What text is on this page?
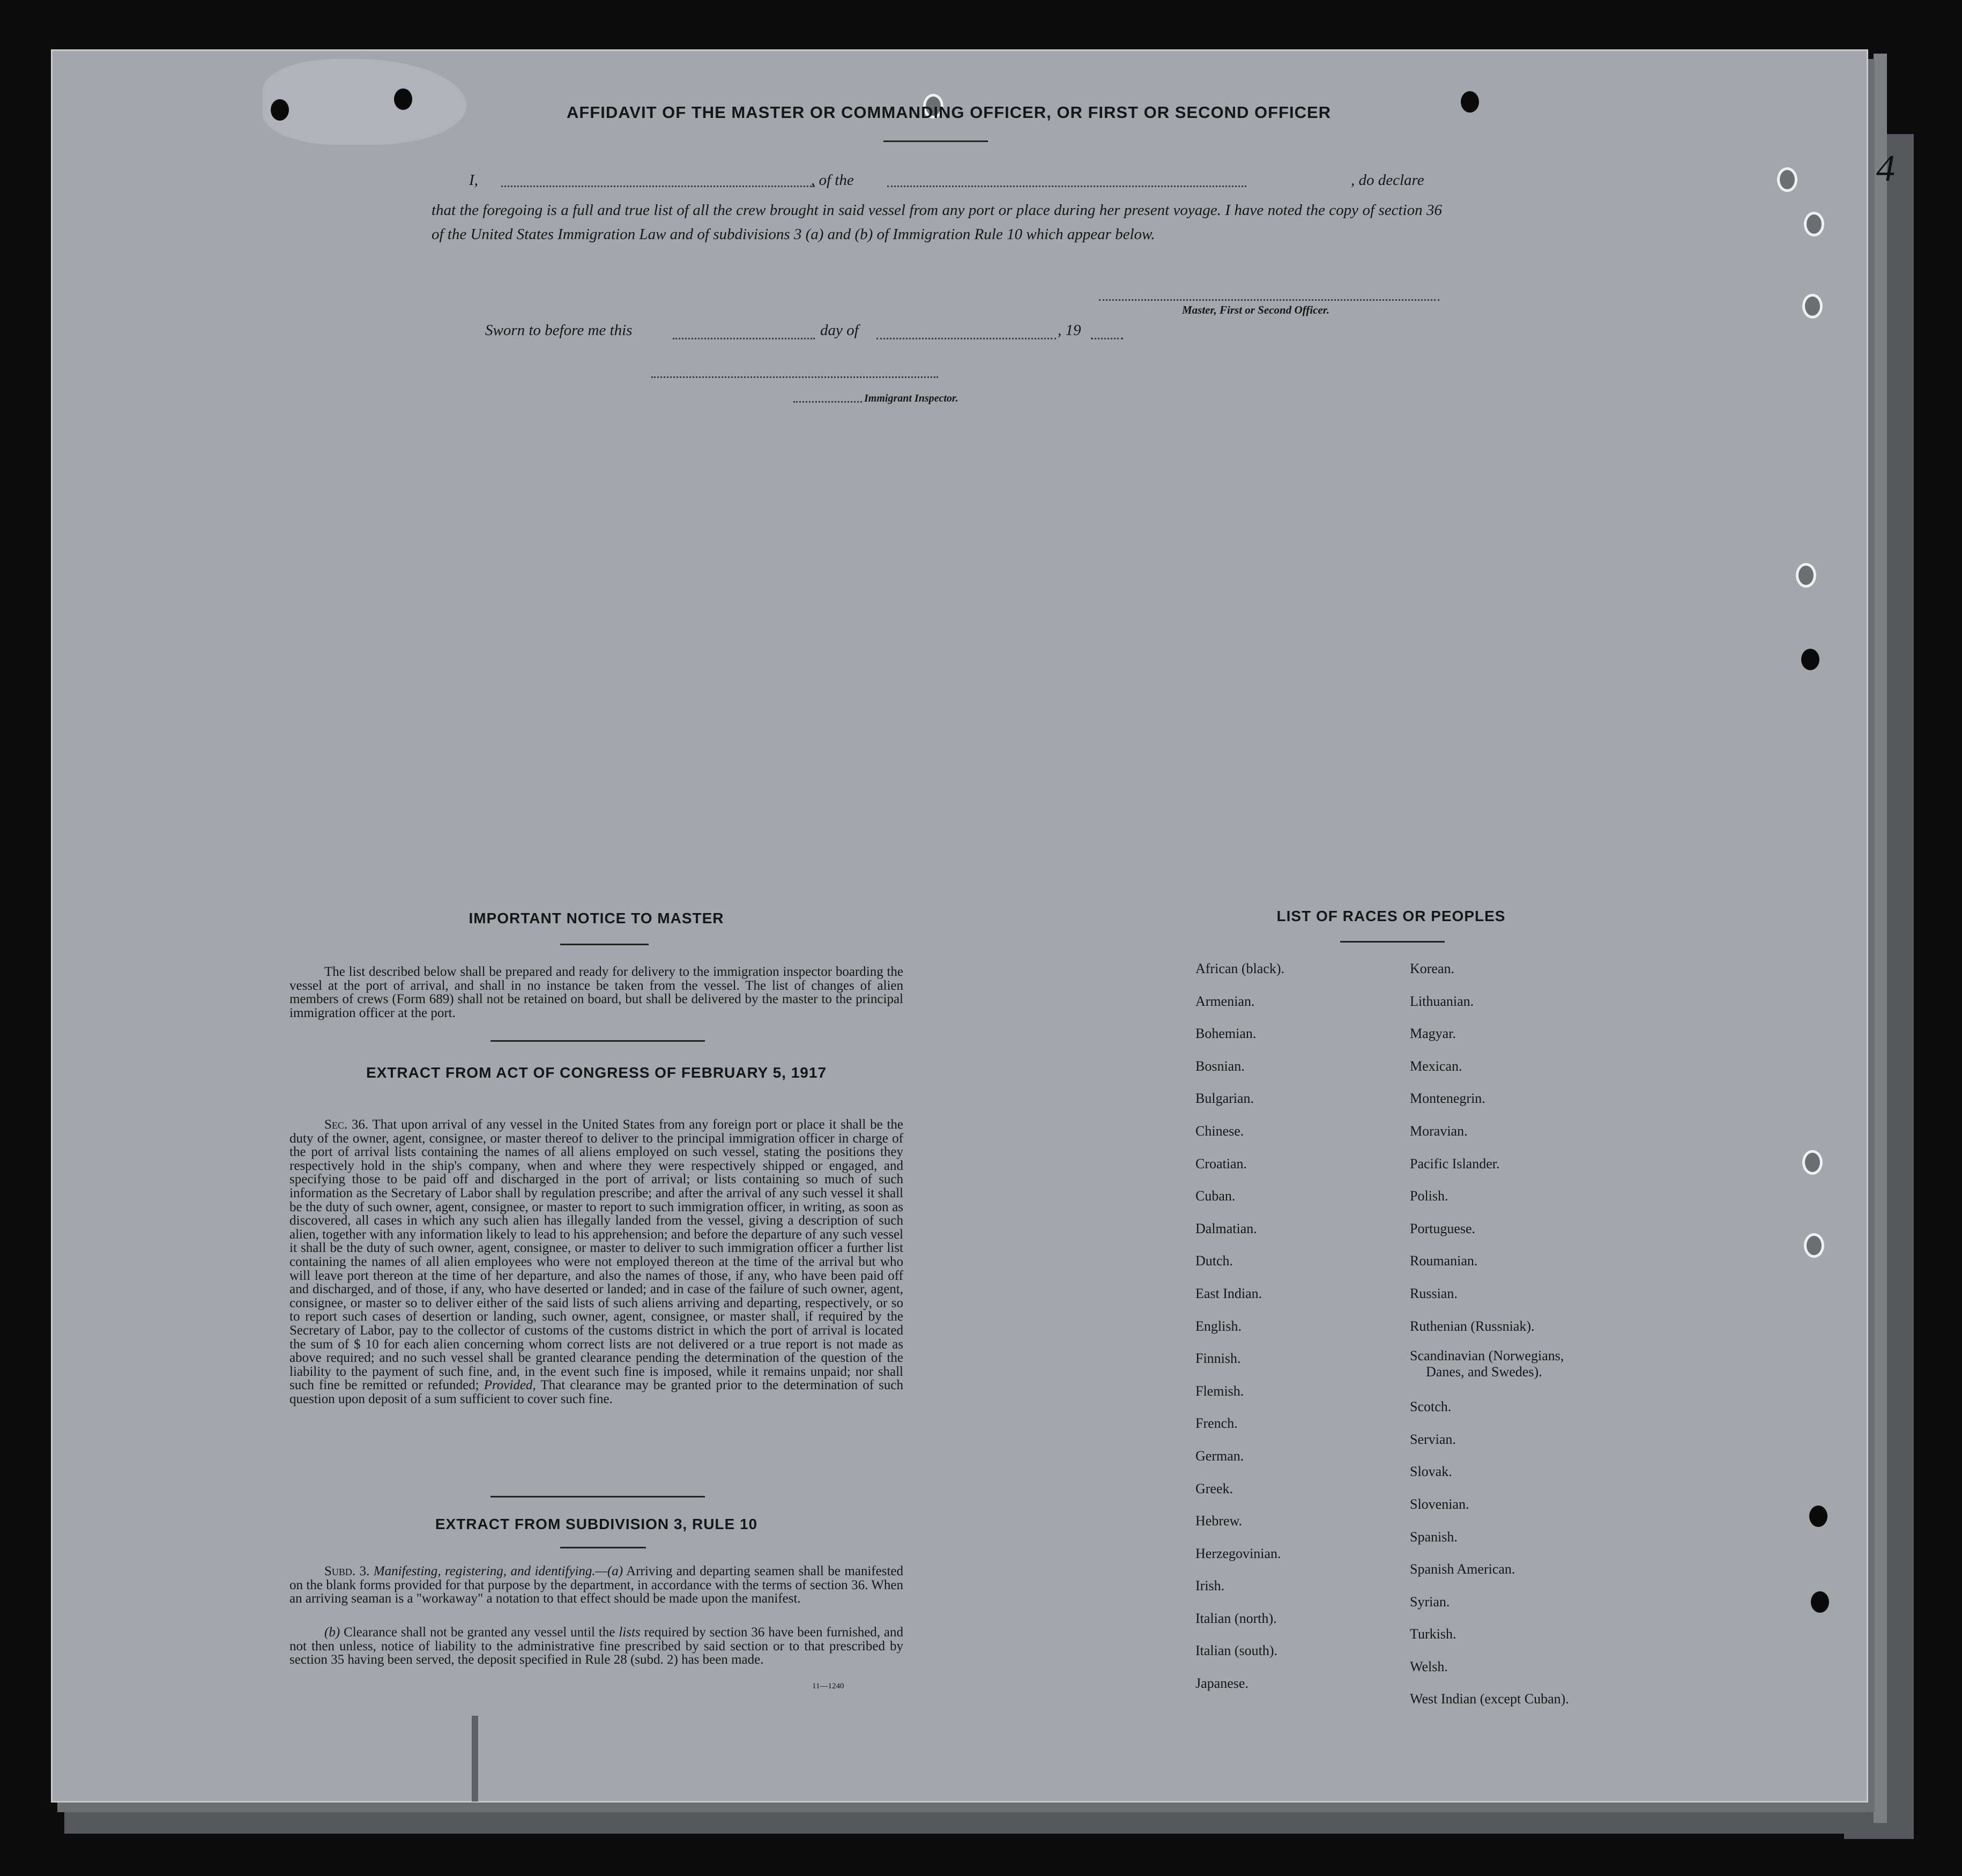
4
AFFIDAVIT OF THE MASTER OR COMMANDING OFFICER, OR FIRST OR SECOND OFFICER
I,	, of the	, do declare
that the foregoing is a full and true list of all the crew brought in said vessel from any port or place during her present voyage. I have noted the copy of section 36 of the United States Immigration Law and of subdivisions 3 (a) and (b) of Immigration Rule 10 which appear below.
Master, First or Second Officer.
Sworn to before me this	day of	, 19
Immigrant Inspector.
IMPORTANT NOTICE TO MASTER
The list described below shall be prepared and ready for delivery to the immigration inspector boarding the vessel at the port of arrival, and shall in no instance be taken from the vessel. The list of changes of alien members of crews (Form 689) shall not be retained on board, but shall be delivered by the master to the principal immigration officer at the port.
EXTRACT FROM ACT OF CONGRESS OF FEBRUARY 5, 1917
Sec. 36. That upon arrival of any vessel in the United States from any foreign port or place it shall be the duty of the owner, agent, consignee, or master thereof to deliver to the principal immigration officer in charge of the port of arrival lists containing the names of all aliens employed on such vessel, stating the positions they respectively hold in the ship's company, when and where they were respectively shipped or engaged, and specifying those to be paid off and discharged in the port of arrival; or lists containing so much of such information as the Secretary of Labor shall by regulation prescribe; and after the arrival of any such vessel it shall be the duty of such owner, agent, consignee, or master to report to such immigration officer, in writing, as soon as discovered, all cases in which any such alien has illegally landed from the vessel, giving a description of such alien, together with any information likely to lead to his apprehension; and before the departure of any such vessel it shall be the duty of such owner, agent, consignee, or master to deliver to such immigration officer a further list containing the names of all alien employees who were not employed thereon at the time of the arrival but who will leave port thereon at the time of her departure, and also the names of those, if any, who have been paid off and discharged, and of those, if any, who have deserted or landed; and in case of the failure of such owner, agent, consignee, or master so to deliver either of the said lists of such aliens arriving and departing, respectively, or so to report such cases of desertion or landing, such owner, agent, consignee, or master shall, if required by the Secretary of Labor, pay to the collector of customs of the customs district in which the port of arrival is located the sum of $ 10 for each alien concerning whom correct lists are not delivered or a true report is not made as above required; and no such vessel shall be granted clearance pending the determination of the question of the liability to the payment of such fine, and, in the event such fine is imposed, while it remains unpaid; nor shall such fine be remitted or refunded; Provided, That clearance may be granted prior to the determination of such question upon deposit of a sum sufficient to cover such fine.
EXTRACT FROM SUBDIVISION 3, RULE 10
Subd. 3. Manifesting, registering, and identifying.—(a) Arriving and departing seamen shall be manifested on the blank forms provided for that purpose by the department, in accordance with the terms of section 36. When an arriving seaman is a "workaway" a notation to that effect should be made upon the manifest.
(b) Clearance shall not be granted any vessel until the lists required by section 36 have been furnished, and not then unless, notice of liability to the administrative fine prescribed by said section or to that prescribed by section 35 having been served, the deposit specified in Rule 28 (subd. 2) has been made.
11—1240
LIST OF RACES OR PEOPLES
African (black).
Armenian.
Bohemian.
Bosnian.
Bulgarian.
Chinese.
Croatian.
Cuban.
Dalmatian.
Dutch.
East Indian.
English.
Finnish.
Flemish.
French.
German.
Greek.
Hebrew.
Herzegovinian.
Irish.
Italian (north).
Italian (south).
Japanese.
Korean.
Lithuanian.
Magyar.
Mexican.
Montenegrin.
Moravian.
Pacific Islander.
Polish.
Portuguese.
Roumanian.
Russian.
Ruthenian (Russniak).
Scandinavian (Norwegians,
Danes, and Swedes).
Scotch.
Servian.
Slovak.
Slovenian.
Spanish.
Spanish American.
Syrian.
Turkish.
Welsh.
West Indian (except Cuban).
